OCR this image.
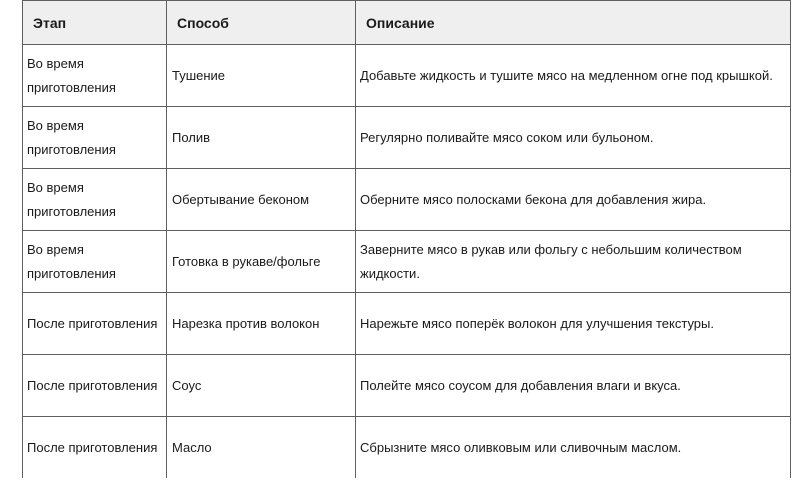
Этап	Способ	Описание
Во время приготовления	Тушение	Добавьте жидкость и тушите мясо на медленном огне под крышкой.
Во время приготовления	Полив	Регулярно поливайте мясо соком или бульоном.
Во время приготовления	Обертывание беконом	Оберните мясо полосками бекона для добавления жира.
Во время приготовления	Готовка в рукаве/фольге	Заверните мясо в рукав или фольгу с небольшим количеством жидкости.
После приготовления	Нарезка против волокон	Нарежьте мясо поперёк волокон для улучшения текстуры.
После приготовления	Соус	Полейте мясо соусом для добавления влаги и вкуса.
После приготовления	Масло	Сбрызните мясо оливковым или сливочным маслом.
